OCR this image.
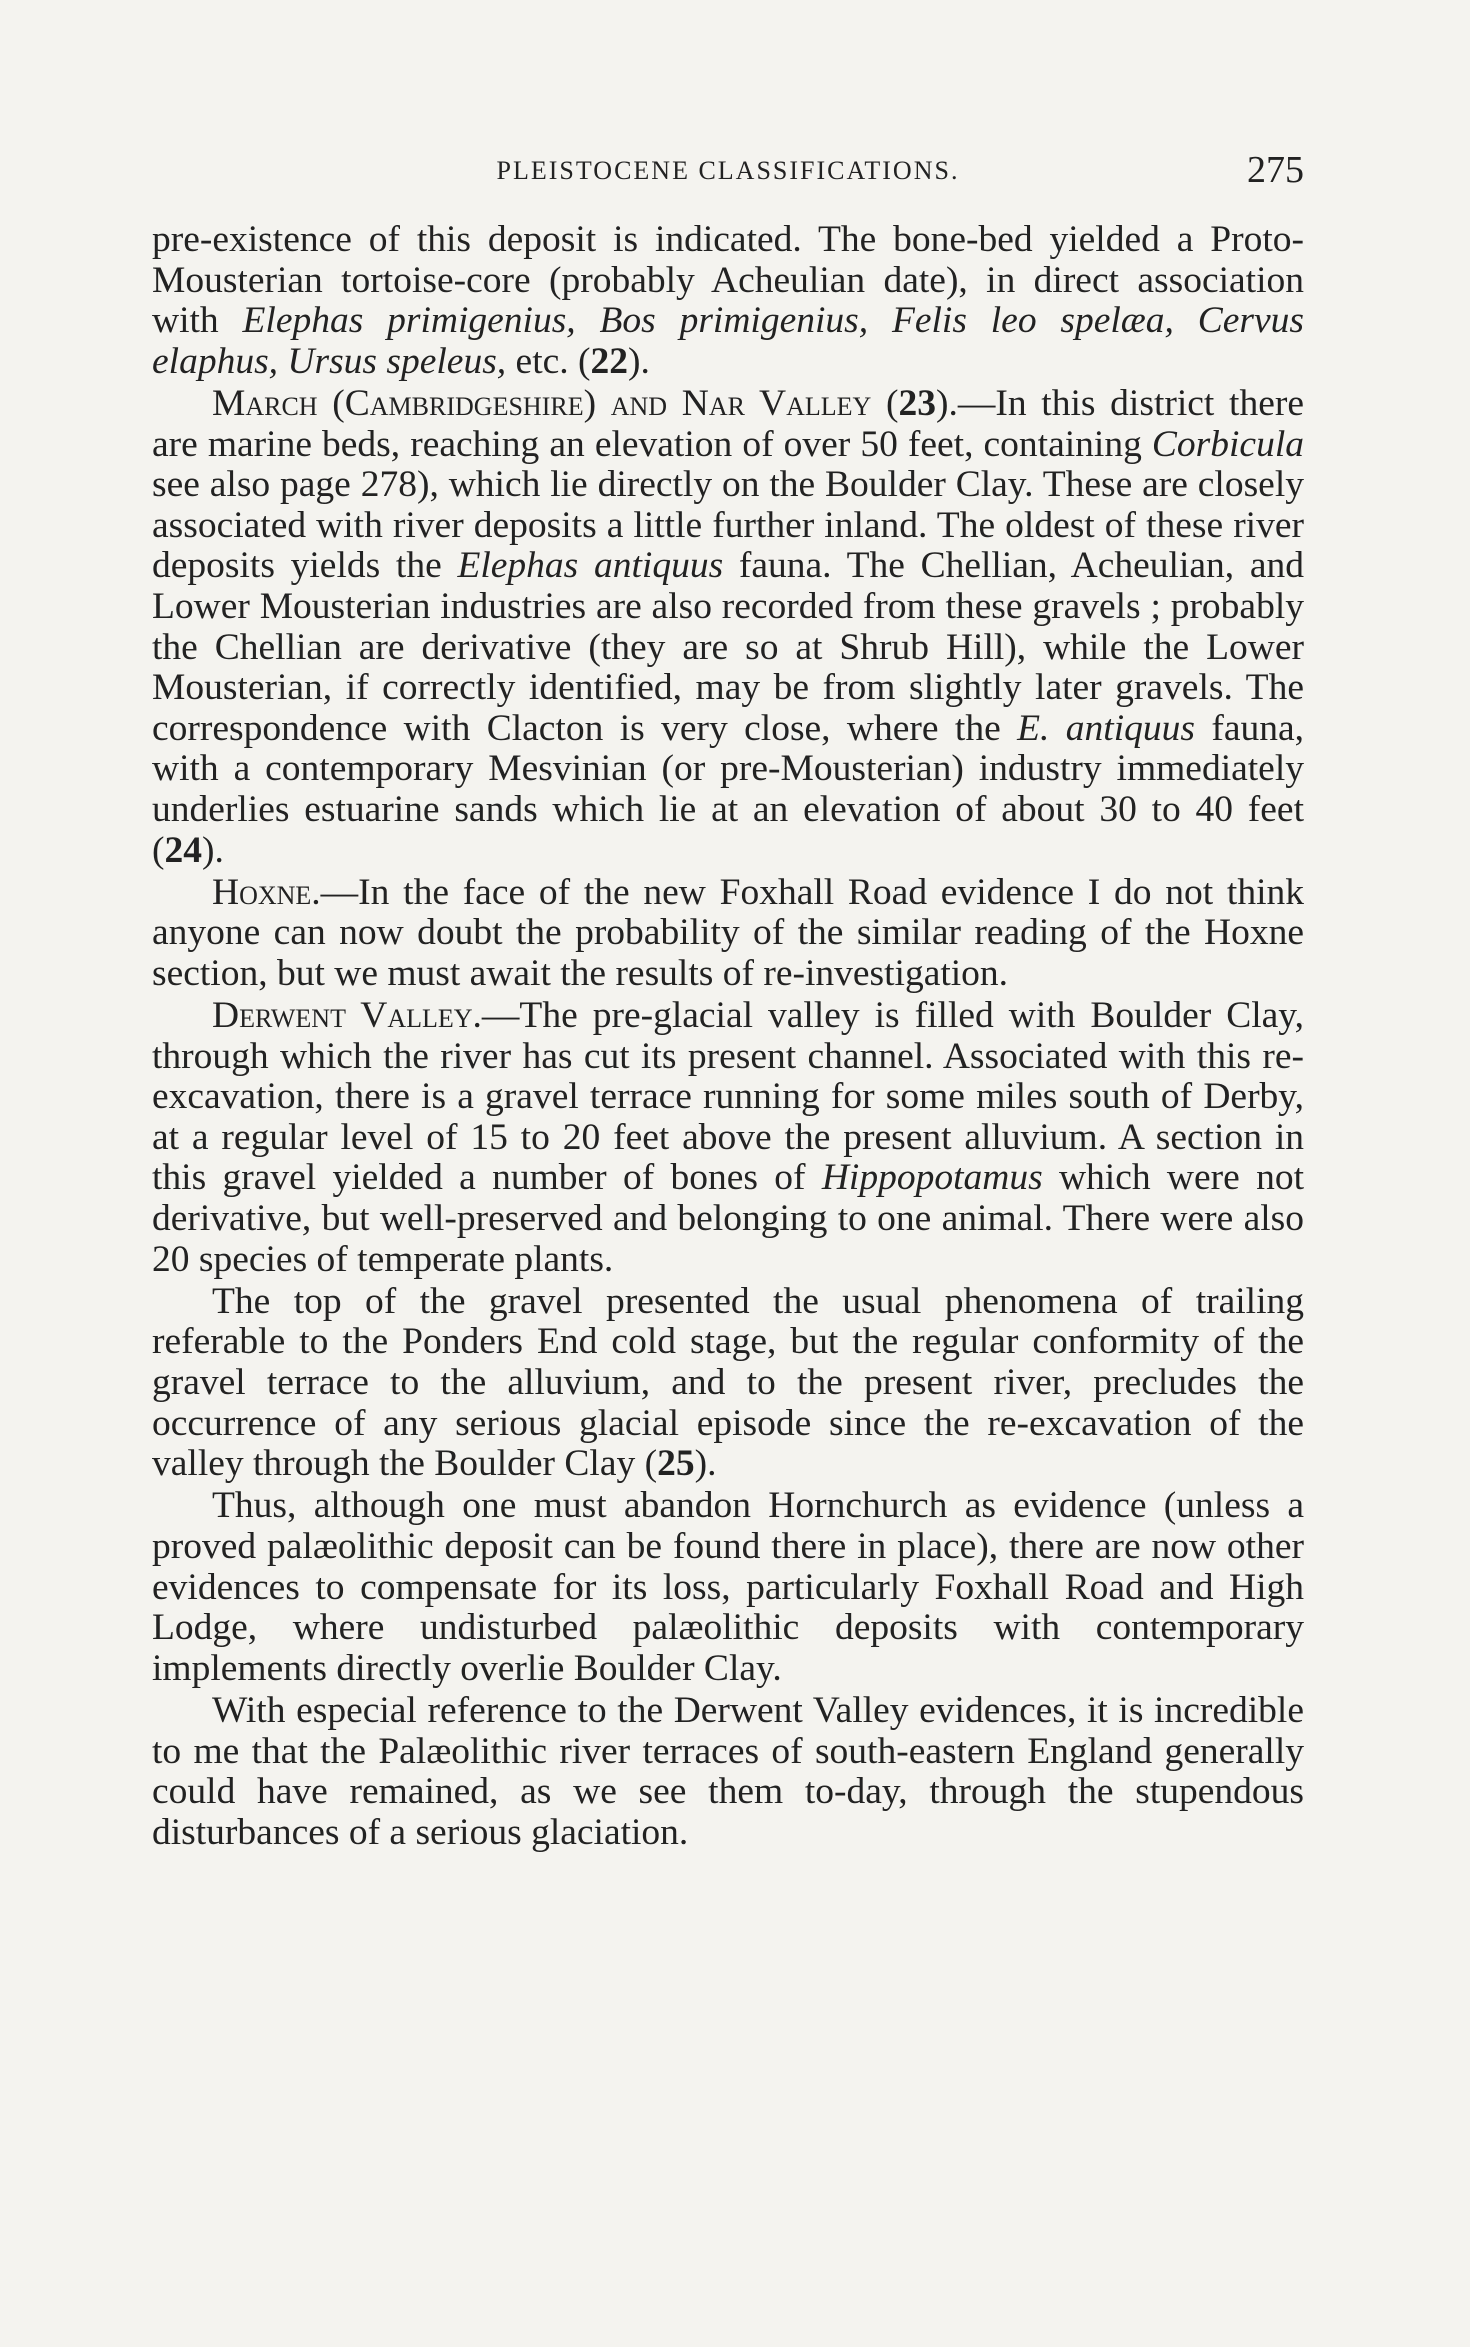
PLEISTOCENE CLASSIFICATIONS.	275

pre-existence of this deposit is indicated. The bone-bed yielded a Proto-Mousterian tortoise-core (probably Acheulian date), in direct association with Elephas primigenius, Bos primigenius, Felis leo spelæa, Cervus elaphus, Ursus speleus, etc. (22).

March (Cambridgeshire) and Nar Valley (23).—In this district there are marine beds, reaching an elevation of over 50 feet, containing Corbicula see also page 278), which lie directly on the Boulder Clay. These are closely associated with river deposits a little further inland. The oldest of these river deposits yields the Elephas antiquus fauna. The Chellian, Acheulian, and Lower Mousterian industries are also recorded from these gravels ; probably the Chellian are derivative (they are so at Shrub Hill), while the Lower Mousterian, if correctly identified, may be from slightly later gravels. The correspondence with Clacton is very close, where the E. antiquus fauna, with a contemporary Mesvinian (or pre-Mousterian) industry immediately underlies estuarine sands which lie at an elevation of about 30 to 40 feet (24).

Hoxne.—In the face of the new Foxhall Road evidence I do not think anyone can now doubt the probability of the similar reading of the Hoxne section, but we must await the results of re-investigation.

Derwent Valley.—The pre-glacial valley is filled with Boulder Clay, through which the river has cut its present channel. Associated with this re-excavation, there is a gravel terrace running for some miles south of Derby, at a regular level of 15 to 20 feet above the present alluvium. A section in this gravel yielded a number of bones of Hippopotamus which were not derivative, but well-preserved and belonging to one animal. There were also 20 species of temperate plants.

The top of the gravel presented the usual phenomena of trailing referable to the Ponders End cold stage, but the regular conformity of the gravel terrace to the alluvium, and to the present river, precludes the occurrence of any serious glacial episode since the re-excavation of the valley through the Boulder Clay (25).

Thus, although one must abandon Hornchurch as evidence (unless a proved palæolithic deposit can be found there in place), there are now other evidences to compensate for its loss, particularly Foxhall Road and High Lodge, where undisturbed palæolithic deposits with contemporary implements directly overlie Boulder Clay.

With especial reference to the Derwent Valley evidences, it is incredible to me that the Palæolithic river terraces of south-eastern England generally could have remained, as we see them to-day, through the stupendous disturbances of a serious glaciation.
